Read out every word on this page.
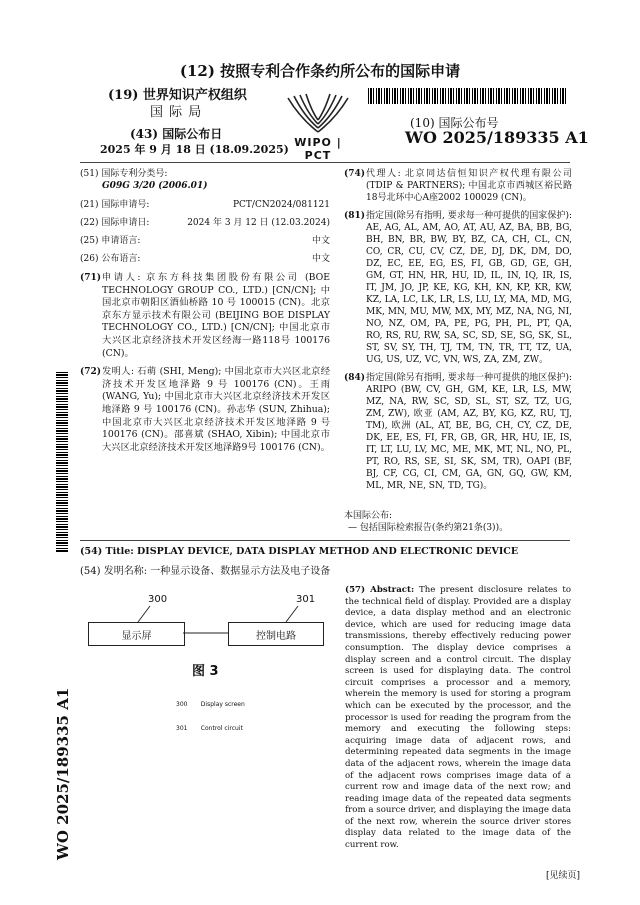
(12) 按照专利合作条约所公布的国际申请
(19) 世界知识产权组织
国 际 局
(43) 国际公布日
2025 年 9 月 18 日 (18.09.2025)
WIPO | PCT
(10) 国际公布号
WO 2025/189335 A1
(51) 国际专利分类号:
G09G 3/20 (2006.01)
(21) 国际申请号:	PCT/CN2024/081121
(22) 国际申请日:	2024 年 3 月 12 日 (12.03.2024)
(25) 申请语言:	中文
(26) 公布语言:	中文
(71) 申请人: 京东方科技集团股份有限公司 (BOE TECHNOLOGY GROUP CO., LTD.) [CN/CN]; 中国北京市朝阳区酒仙桥路 10 号 100015 (CN)。北京京东方显示技术有限公司 (BEIJING BOE DISPLAY TECHNOLOGY CO., LTD.) [CN/CN]; 中国北京市大兴区北京经济技术开发区经海一路118号 100176 (CN)。
(72) 发明人: 石萌 (SHI, Meng); 中国北京市大兴区北京经济技术开发区地泽路 9 号 100176 (CN)。王雨 (WANG, Yu); 中国北京市大兴区北京经济技术开发区地泽路 9 号 100176 (CN)。孙志华 (SUN, Zhihua); 中国北京市大兴区北京经济技术开发区地泽路 9 号 100176 (CN)。邵喜斌 (SHAO, Xibin); 中国北京市大兴区北京经济技术开发区地泽路9号 100176 (CN)。
(74) 代理人: 北京同达信恒知识产权代理有限公司 (TDIP & PARTNERS); 中国北京市西城区裕民路18号北环中心A座2002 100029 (CN)。
(81) 指定国(除另有指明, 要求每一种可提供的国家保护): AE, AG, AL, AM, AO, AT, AU, AZ, BA, BB, BG, BH, BN, BR, BW, BY, BZ, CA, CH, CL, CN, CO, CR, CU, CV, CZ, DE, DJ, DK, DM, DO, DZ, EC, EE, EG, ES, FI, GB, GD, GE, GH, GM, GT, HN, HR, HU, ID, IL, IN, IQ, IR, IS, IT, JM, JO, JP, KE, KG, KH, KN, KP, KR, KW, KZ, LA, LC, LK, LR, LS, LU, LY, MA, MD, MG, MK, MN, MU, MW, MX, MY, MZ, NA, NG, NI, NO, NZ, OM, PA, PE, PG, PH, PL, PT, QA, RO, RS, RU, RW, SA, SC, SD, SE, SG, SK, SL, ST, SV, SY, TH, TJ, TM, TN, TR, TT, TZ, UA, UG, US, UZ, VC, VN, WS, ZA, ZM, ZW。
(84) 指定国(除另有指明, 要求每一种可提供的地区保护): ARIPO (BW, CV, GH, GM, KE, LR, LS, MW, MZ, NA, RW, SC, SD, SL, ST, SZ, TZ, UG, ZM, ZW), 欧亚 (AM, AZ, BY, KG, KZ, RU, TJ, TM), 欧洲 (AL, AT, BE, BG, CH, CY, CZ, DE, DK, EE, ES, FI, FR, GB, GR, HR, HU, IE, IS, IT, LT, LU, LV, MC, ME, MK, MT, NL, NO, PL, PT, RO, RS, SE, SI, SK, SM, TR), OAPI (BF, BJ, CF, CG, CI, CM, GA, GN, GQ, GW, KM, ML, MR, NE, SN, TD, TG)。
本国际公布:
— 包括国际检索报告(条约第21条(3))。
(54) Title: DISPLAY DEVICE, DATA DISPLAY METHOD AND ELECTRONIC DEVICE
(54) 发明名称: 一种显示设备、数据显示方法及电子设备
300	301
显示屏	控制电路
图 3

300       Display screen

301       Control circuit

(57) Abstract: The present disclosure relates to the technical field of display. Provided are a display device, a data display method and an electronic device, which are used for reducing image data transmissions, thereby effectively reducing power consumption. The display device comprises a display screen and a control circuit. The display screen is used for displaying data. The control circuit comprises a processor and a memory, wherein the memory is used for storing a program which can be executed by the processor, and the processor is used for reading the program from the memory and executing the following steps: acquiring image data of adjacent rows, and determining repeated data segments in the image data of the adjacent rows, wherein the image data of the adjacent rows comprises image data of a current row and image data of the next row; and reading image data of the repeated data segments from a source driver, and displaying the image data of the next row, wherein the source driver stores display data related to the image data of the current row.
WO 2025/189335 A1
[见续页]
